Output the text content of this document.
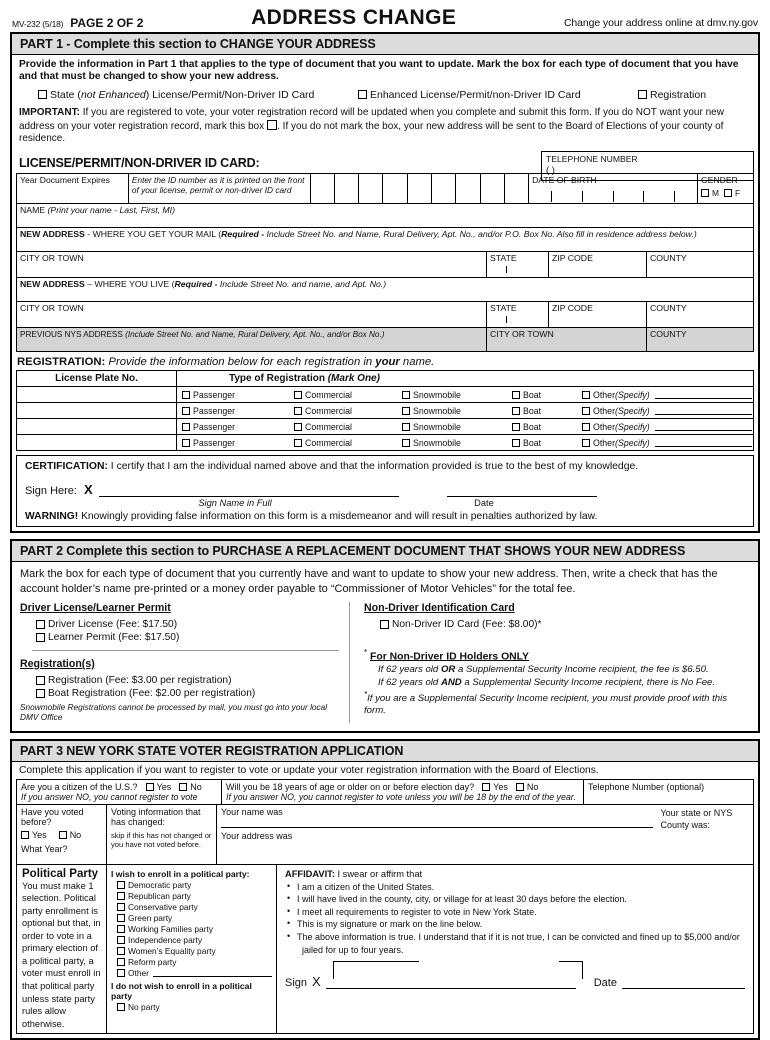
MV-232 (5/18) PAGE 2 OF 2	ADDRESS CHANGE	Change your address online at dmv.ny.gov
PART 1 - Complete this section to CHANGE YOUR ADDRESS
Provide the information in Part 1 that applies to the type of document that you want to update. Mark the box for each type of document that you have and that must be changed to show your new address.
State (not Enhanced) License/Permit/Non-Driver ID Card	Enhanced License/Permit/non-Driver ID Card	Registration
IMPORTANT: If you are registered to vote, your voter registration record will be updated when you complete and submit this form. If you do NOT want your new address on your voter registration record, mark this box . If you do not mark the box, your new address will be sent to the Board of Elections of your county of residence.
LICENSE/PERMIT/NON-DRIVER ID CARD:	TELEPHONE NUMBER
( )
Year Document Expires	Enter the ID number as it is printed on the front of your license, permit or non-driver ID card										DATE OF BIRTH	GENDER
M F
NAME (Print your name - Last, First, MI)			
NEW ADDRESS - WHERE YOU GET YOUR MAIL (Required - Include Street No. and Name, Rural Delivery, Apt. No., and/or P.O. Box No. Also fill in residence address below.)			
CITY OR TOWN	STATE	ZIP CODE	COUNTY
NEW ADDRESS – WHERE YOU LIVE (Required - Include Street No. and name, and Apt. No.)			
CITY OR TOWN	STATE	ZIP CODE	COUNTY
PREVIOUS NYS ADDRESS (Include Street No. and Name, Rural Delivery, Apt. No., and/or Box No.)	CITY OR TOWN		COUNTY
REGISTRATION: Provide the information below for each registration in your name.
License Plate No.	Type of Registration (Mark One)

Passenger	Commercial	Snowmobile	Boat	Other (Specify)

Passenger	Commercial	Snowmobile	Boat	Other (Specify)

Passenger	Commercial	Snowmobile	Boat	Other (Specify)

Passenger	Commercial	Snowmobile	Boat	Other (Specify)
CERTIFICATION: I certify that I am the individual named above and that the information provided is true to the best of my knowledge.
Sign Here: X
Sign Name in Full	Date
WARNING! Knowingly providing false information on this form is a misdemeanor and will result in penalties authorized by law.
PART 2 Complete this section to PURCHASE A REPLACEMENT DOCUMENT THAT SHOWS YOUR NEW ADDRESS
Mark the box for each type of document that you currently have and want to update to show your new address. Then, write a check that has the account holder’s name pre-printed or a money order payable to “Commissioner of Motor Vehicles” for the total fee.
Driver License/Learner Permit
Driver License (Fee: $17.50)
Learner Permit (Fee: $17.50)
Registration(s)
Registration (Fee: $3.00 per registration)
Boat Registration (Fee: $2.00 per registration)
Snowmobile Registrations cannot be processed by mail, you must go into your local DMV Office
Non-Driver Identification Card
Non-Driver ID Card (Fee: $8.00)*
* For Non-Driver ID Holders ONLY
If 62 years old OR a Supplemental Security Income recipient, the fee is $6.50.
If 62 years old AND a Supplemental Security Income recipient, there is No Fee.
*If you are a Supplemental Security Income recipient, you must provide proof with this form.
PART 3 NEW YORK STATE VOTER REGISTRATION APPLICATION
Complete this application if you want to register to vote or update your voter registration information with the Board of Elections.
Are you a citizen of the U.S.? Yes No
If you answer NO, you cannot register to vote

Will you be 18 years of age or older on or before election day? Yes No
If you answer NO, you cannot register to vote unless you will be 18 by the end of the year.
	Telephone Number (optional)
Have you voted before?
Yes	No
What Year?

Voting information that has changed:
skip if this has not changed or you have not voted before.

Your name was
Your address was

Your state or NYS County was:
Political Party
You must make 1 selection. Political party enrollment is optional but that, in order to vote in a primary election of a political party, a voter must enroll in that political party unless state party rules allow otherwise.

I wish to enroll in a political party:
Democratic party
Republican party
Conservative party
Green party
Working Families party
Independence party
Women’s Equality party
Reform party
Other
I do not wish to enroll in a political party
No party

AFFIDAVIT: I swear or affirm that
• I am a citizen of the United States.
• I will have lived in the county, city, or village for at least 30 days before the election.
• I meet all requirements to register to vote in New York State.
• This is my signature or mark on the line below.
• The above information is true. I understand that if it is not true, I can be convicted and fined up to $5,000 and/or
jailed for up to four years.
Sign X	Date
